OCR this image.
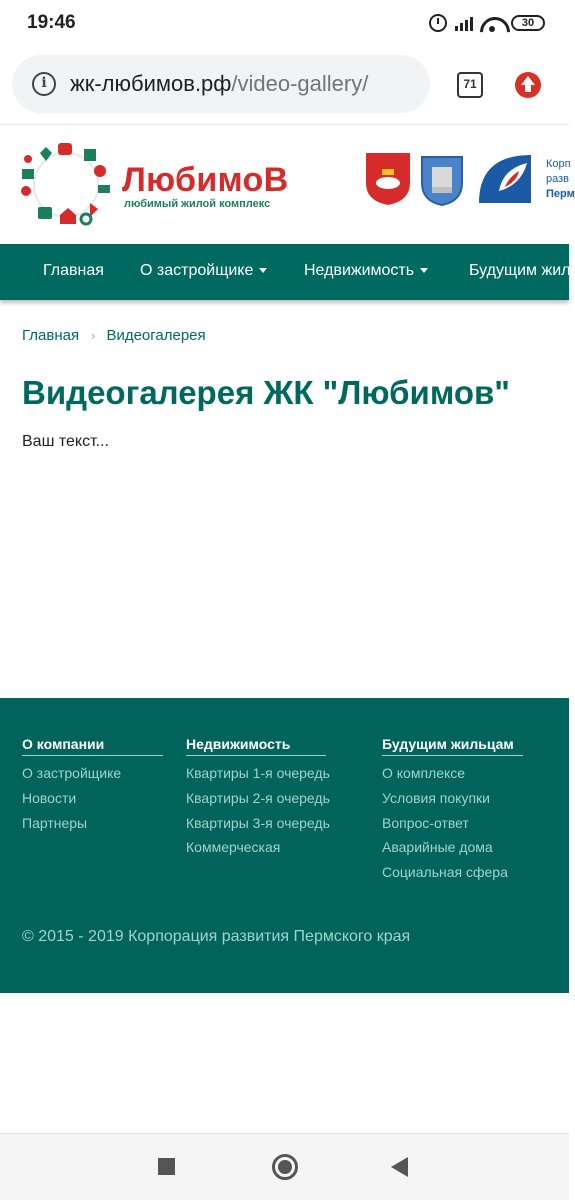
19:46	30
i	жк-любимов.рф/video-gallery/	71
ЛюбимоВ
любимый жилой комплекс
Корп
разв
Перм
Главная О застройщике	Недвижимость	Будущим жил
Главная › Видеогалерея
Видеогалерея ЖК "Любимов"
Ваш текст...
О компании
О застройщике
Новости
Партнеры
Недвижимость
Квартиры 1-я очередь
Квартиры 2-я очередь
Квартиры 3-я очередь
Коммерческая
Будущим жильцам
О комплексе
Условия покупки
Вопрос-ответ
Аварийные дома
Социальная сфера
© 2015 - 2019 Корпорация развития Пермского края
